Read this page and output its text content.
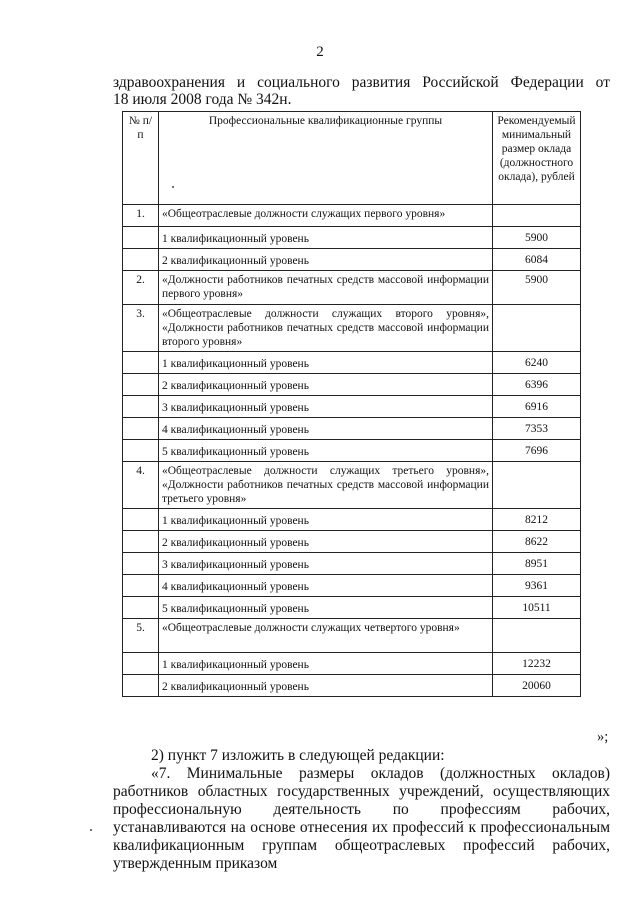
2
здравоохранения и социального развития Российской Федерации от
18 июля 2008 года № 342н.
№ п/п	Професcиональные квалификационные группы	Рекомендуемый минимальный размер оклада (должностного оклада), рублей
1.	«Общеотраслевые должности служащих первого уровня»	
	1 квалификационный уровень	5900
	2 квалификационный уровень	6084
2.	«Должности работников печатных средств массовой информации первого уровня»	5900
3.	«Общеотраслевые должности служащих второго уровня», «Должности работников печатных средств массовой информации второго уровня»	
	1 квалификационный уровень	6240
	2 квалификационный уровень	6396
	3 квалификационный уровень	6916
	4 квалификационный уровень	7353
	5 квалификационный уровень	7696
4.	«Общеотраслевые должности служащих третьего уровня», «Должности работников печатных средств массовой информации третьего уровня»	
	1 квалификационный уровень	8212
	2 квалификационный уровень	8622
	3 квалификационный уровень	8951
	4 квалификационный уровень	9361
	5 квалификационный уровень	10511
5.	«Общеотраслевые должности служащих четвертого уровня»	
	1 квалификационный уровень	12232
	2 квалификационный уровень	20060
»;

2) пункт 7 изложить в следующей редакции:

«7. Минимальные размеры окладов (должностных окладов) работников областных государственных учреждений, осуществляющих профессиональную деятельность по профессиям рабочих, устанавливаются на основе отнесения их профессий к профессиональным квалификационным группам общеотраслевых профессий рабочих, утвержденным приказом
